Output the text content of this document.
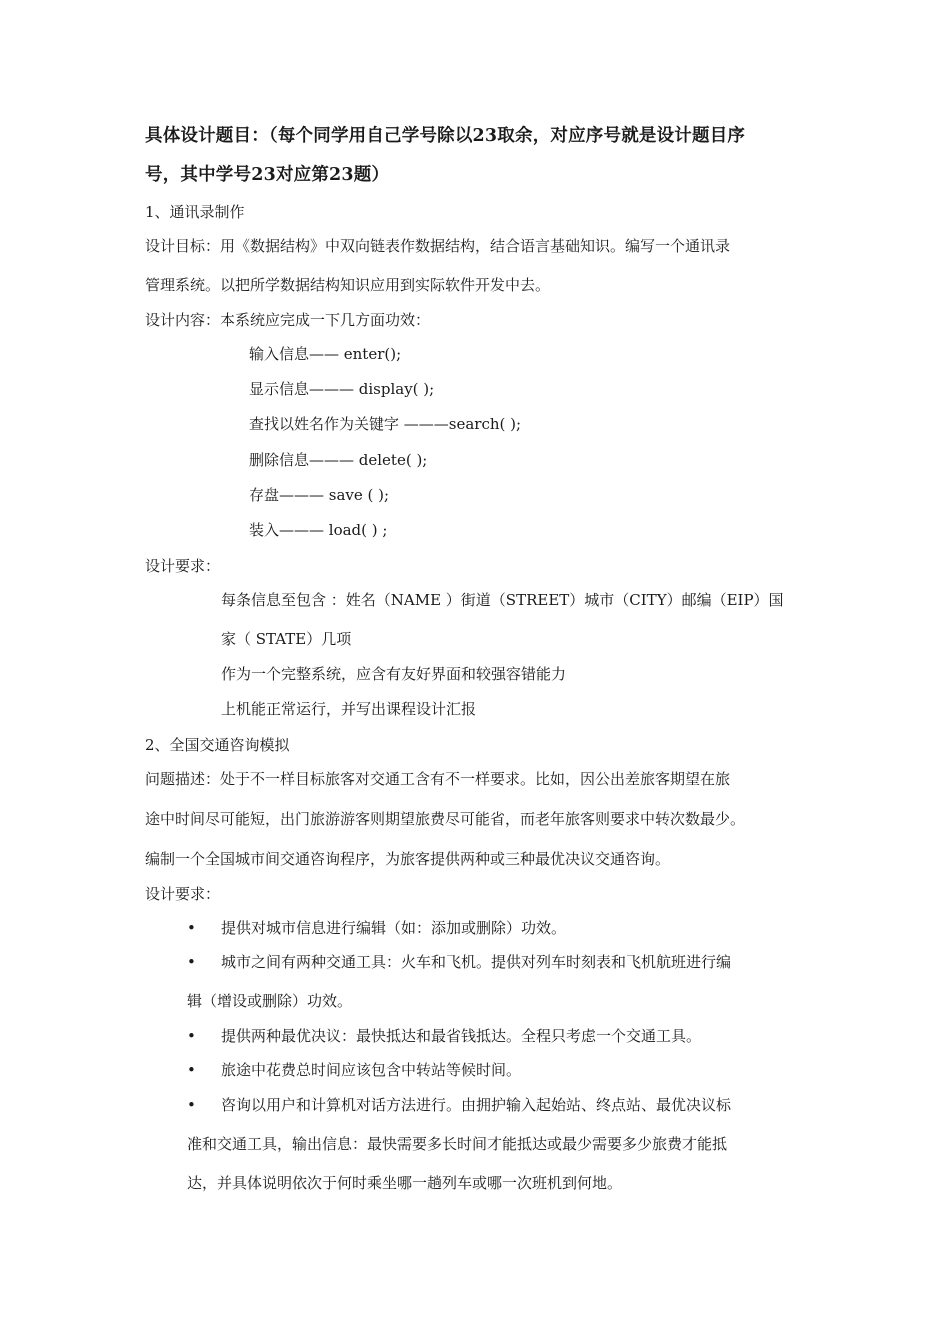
具体设计题目：（每个同学用自己学号除以23取余，对应序号就是设计题目序
号，其中学号23对应第23题）
1、通讯录制作
设计目标：用《数据结构》中双向链表作数据结构，结合语言基础知识。编写一个通讯录
管理系统。以把所学数据结构知识应用到实际软件开发中去。
设计内容：本系统应完成一下几方面功效：
输入信息—— enter();
显示信息——— display( );
查找以姓名作为关键字 ———search( );
删除信息——— delete( );
存盘——— save ( );
装入——— load( ) ;
设计要求：
每条信息至包含 ：姓名（NAME ）街道（STREET）城市（CITY）邮编（EIP）国
家（ STATE）几项
作为一个完整系统，应含有友好界面和较强容错能力
上机能正常运行，并写出课程设计汇报
2、全国交通咨询模拟
问题描述：处于不一样目标旅客对交通工含有不一样要求。比如，因公出差旅客期望在旅
途中时间尽可能短，出门旅游游客则期望旅费尽可能省，而老年旅客则要求中转次数最少。
编制一个全国城市间交通咨询程序，为旅客提供两种或三种最优决议交通咨询。
设计要求：
• 提供对城市信息进行编辑（如：添加或删除）功效。
• 城市之间有两种交通工具：火车和飞机。提供对列车时刻表和飞机航班进行编
辑（增设或删除）功效。
• 提供两种最优决议：最快抵达和最省钱抵达。全程只考虑一个交通工具。
• 旅途中花费总时间应该包含中转站等候时间。
• 咨询以用户和计算机对话方法进行。由拥护输入起始站、终点站、最优决议标
准和交通工具，输出信息：最快需要多长时间才能抵达或最少需要多少旅费才能抵
达，并具体说明依次于何时乘坐哪一趟列车或哪一次班机到何地。
